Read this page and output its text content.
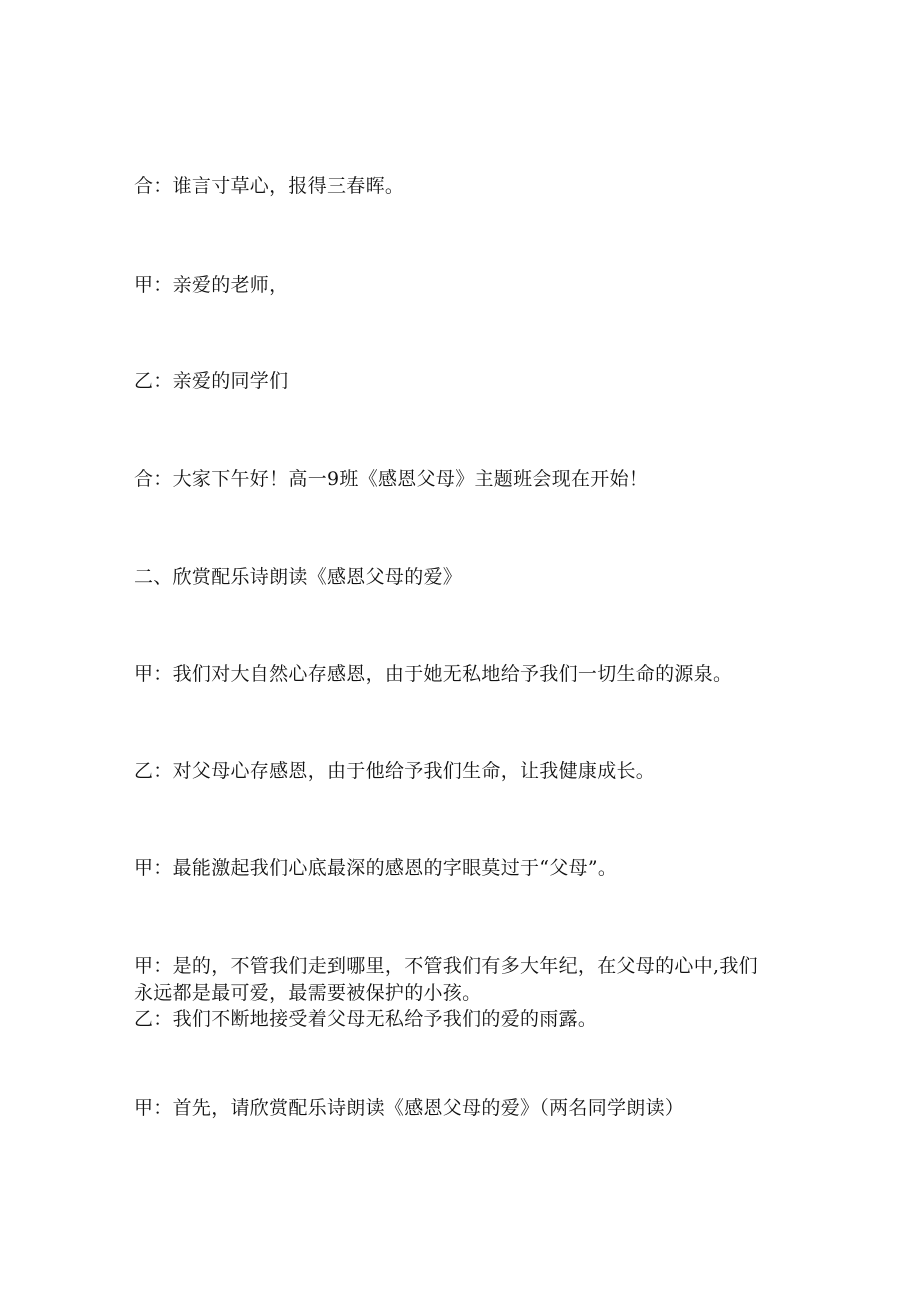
合：谁言寸草心，报得三春晖。
甲：亲爱的老师，
乙：亲爱的同学们
合：大家下午好！高一9班《感恩父母》主题班会现在开始！
二、欣赏配乐诗朗读《感恩父母的爱》
甲：我们对大自然心存感恩，由于她无私地给予我们一切生命的源泉。
乙：对父母心存感恩，由于他给予我们生命，让我健康成长。
甲：最能激起我们心底最深的感恩的字眼莫过于“父母”。
甲：是的，不管我们走到哪里，不管我们有多大年纪，在父母的心中,我们
永远都是最可爱，最需要被保护的小孩。
乙：我们不断地接受着父母无私给予我们的爱的雨露。
甲：首先，请欣赏配乐诗朗读《感恩父母的爱》（两名同学朗读）
